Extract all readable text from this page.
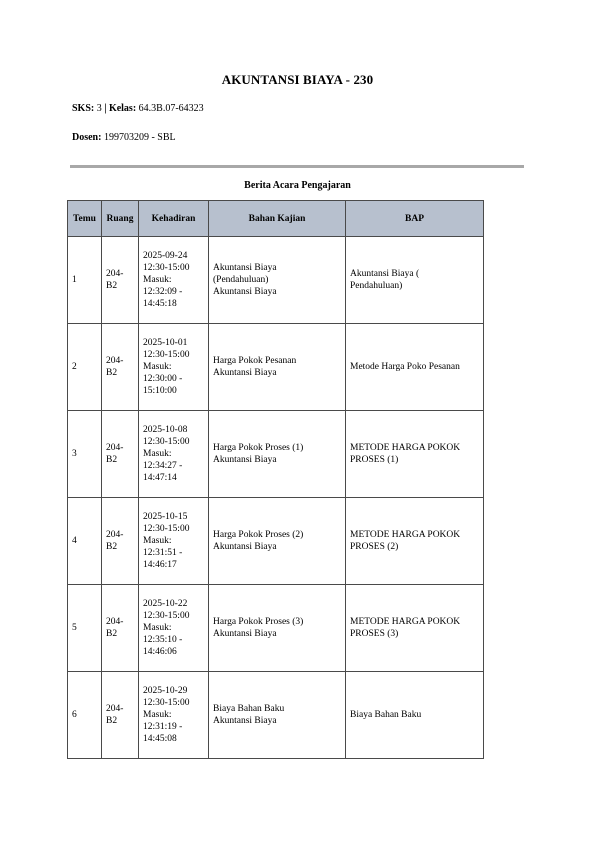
AKUNTANSI BIAYA - 230
SKS: 3 | Kelas: 64.3B.07-64323
Dosen: 199703209 - SBL
Berita Acara Pengajaran
Temu	Ruang	Kehadiran	Bahan Kajian	BAP
1	204-B2	2025-09-24
12:30-15:00
Masuk:
12:32:09 -
14:45:18	Akuntansi Biaya
(Pendahuluan)
Akuntansi Biaya	Akuntansi Biaya (
Pendahuluan)

2	204-B2	2025-10-01
12:30-15:00
Masuk:
12:30:00 -
15:10:00	Harga Pokok Pesanan
Akuntansi Biaya	Metode Harga Poko Pesanan

3	204-B2	2025-10-08
12:30-15:00
Masuk:
12:34:27 -
14:47:14	Harga Pokok Proses (1)
Akuntansi Biaya	METODE HARGA POKOK
PROSES (1)

4	204-B2	2025-10-15
12:30-15:00
Masuk:
12:31:51 -
14:46:17	Harga Pokok Proses (2)
Akuntansi Biaya	METODE HARGA POKOK
PROSES (2)

5	204-B2	2025-10-22
12:30-15:00
Masuk:
12:35:10 -
14:46:06	Harga Pokok Proses (3)
Akuntansi Biaya	METODE HARGA POKOK
PROSES (3)

6	204-B2	2025-10-29
12:30-15:00
Masuk:
12:31:19 -
14:45:08	Biaya Bahan Baku
Akuntansi Biaya	Biaya Bahan Baku
